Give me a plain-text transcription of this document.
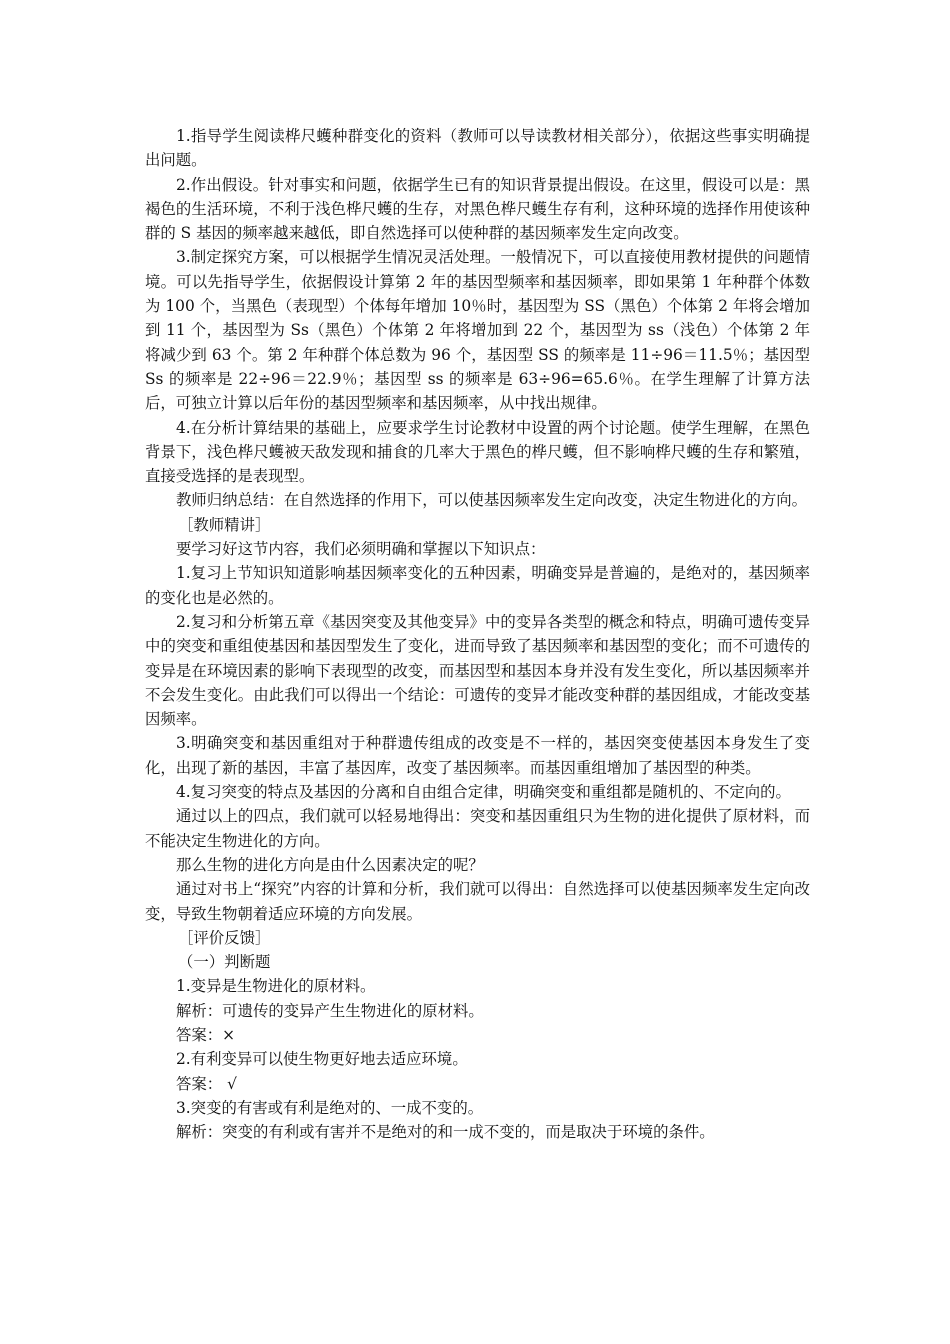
1.指导学生阅读桦尺蠖种群变化的资料（教师可以导读教材相关部分），依据这些事实明确提出问题。

2.作出假设。针对事实和问题，依据学生已有的知识背景提出假设。在这里，假设可以是：黑褐色的生活环境，不利于浅色桦尺蠖的生存，对黑色桦尺蠖生存有利，这种环境的选择作用使该种群的 S 基因的频率越来越低，即自然选择可以使种群的基因频率发生定向改变。

3.制定探究方案，可以根据学生情况灵活处理。一般情况下，可以直接使用教材提供的问题情境。可以先指导学生，依据假设计算第 2 年的基因型频率和基因频率，即如果第 1 年种群个体数为 100 个，当黑色（表现型）个体每年增加 10％时，基因型为 SS（黑色）个体第 2 年将会增加到 11 个，基因型为 Ss（黑色）个体第 2 年将增加到 22 个，基因型为 ss（浅色）个体第 2 年将减少到 63 个。第 2 年种群个体总数为 96 个，基因型 SS 的频率是 11÷96＝11.5％；基因型 Ss 的频率是 22÷96＝22.9％；基因型 ss 的频率是 63÷96=65.6％。在学生理解了计算方法后，可独立计算以后年份的基因型频率和基因频率，从中找出规律。

4.在分析计算结果的基础上，应要求学生讨论教材中设置的两个讨论题。使学生理解，在黑色背景下，浅色桦尺蠖被天敌发现和捕食的几率大于黑色的桦尺蠖，但不影响桦尺蠖的生存和繁殖，直接受选择的是表现型。

教师归纳总结：在自然选择的作用下，可以使基因频率发生定向改变，决定生物进化的方向。

［教师精讲］

要学习好这节内容，我们必须明确和掌握以下知识点：

1.复习上节知识知道影响基因频率变化的五种因素，明确变异是普遍的，是绝对的，基因频率的变化也是必然的。

2.复习和分析第五章《基因突变及其他变异》中的变异各类型的概念和特点，明确可遗传变异中的突变和重组使基因和基因型发生了变化，进而导致了基因频率和基因型的变化；而不可遗传的变异是在环境因素的影响下表现型的改变，而基因型和基因本身并没有发生变化，所以基因频率并不会发生变化。由此我们可以得出一个结论：可遗传的变异才能改变种群的基因组成，才能改变基因频率。

3.明确突变和基因重组对于种群遗传组成的改变是不一样的，基因突变使基因本身发生了变化，出现了新的基因，丰富了基因库，改变了基因频率。而基因重组增加了基因型的种类。

4.复习突变的特点及基因的分离和自由组合定律，明确突变和重组都是随机的、不定向的。

通过以上的四点，我们就可以轻易地得出：突变和基因重组只为生物的进化提供了原材料，而不能决定生物进化的方向。

那么生物的进化方向是由什么因素决定的呢？

通过对书上“探究”内容的计算和分析，我们就可以得出：自然选择可以使基因频率发生定向改变，导致生物朝着适应环境的方向发展。

［评价反馈］

（一）判断题

1.变异是生物进化的原材料。

解析：可遗传的变异产生生物进化的原材料。

答案：×

2.有利变异可以使生物更好地去适应环境。

答案： √

3.突变的有害或有利是绝对的、一成不变的。

解析：突变的有利或有害并不是绝对的和一成不变的，而是取决于环境的条件。
